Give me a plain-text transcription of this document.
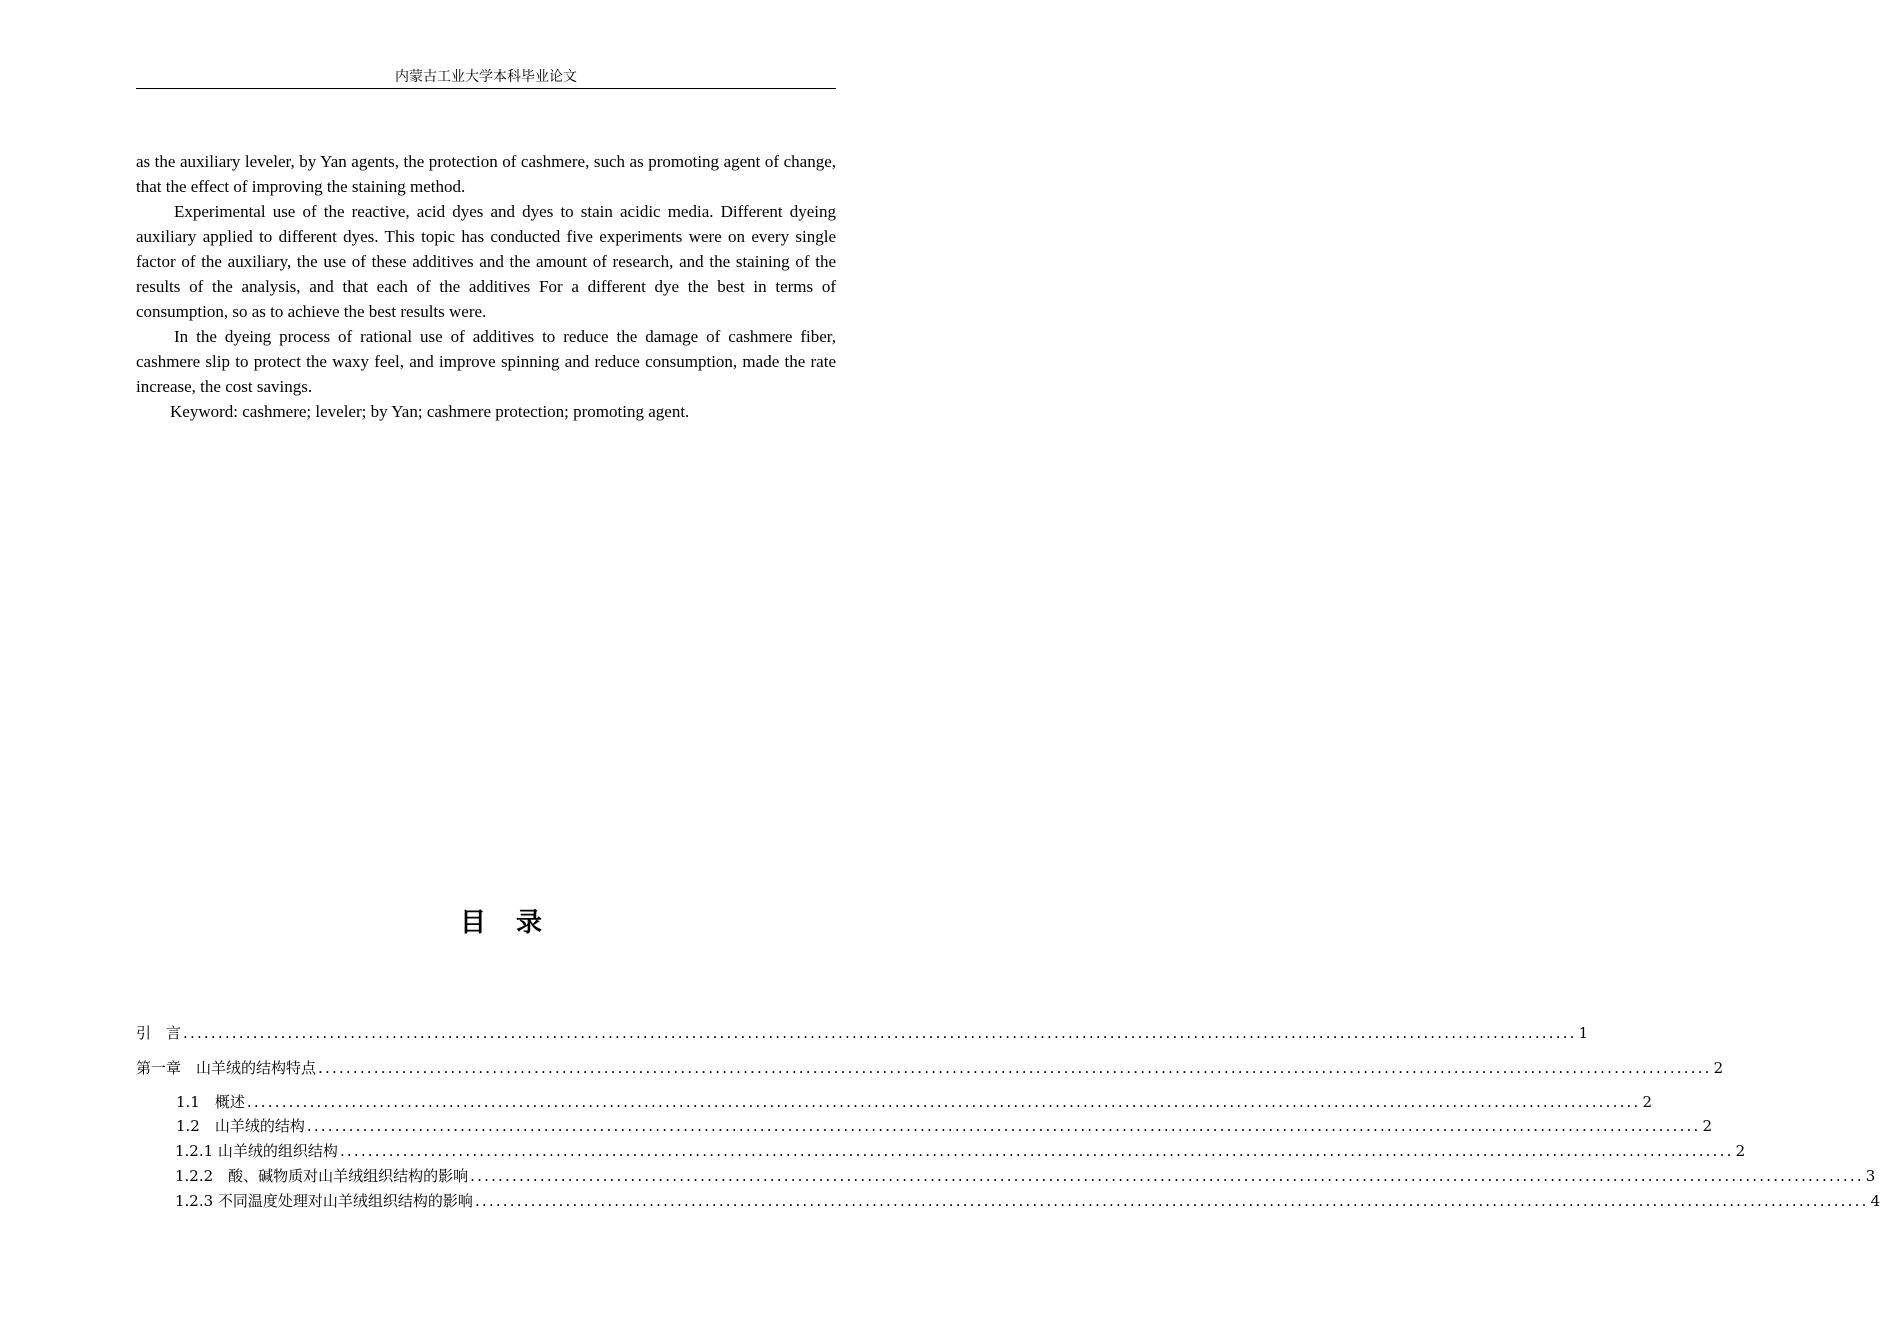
内蒙古工业大学本科毕业论文

as the auxiliary leveler, by Yan agents, the protection of cashmere, such as promoting agent of change, that the effect of improving the staining method.

Experimental use of the reactive, acid dyes and dyes to stain acidic media. Different dyeing auxiliary applied to different dyes. This topic has conducted five experiments were on every single factor of the auxiliary, the use of these additives and the amount of research, and the staining of the results of the analysis, and that each of the additives For a different dye the best in terms of consumption, so as to achieve the best results were.

In the dyeing process of rational use of additives to reduce the damage of cashmere fiber, cashmere slip to protect the waxy feel, and improve spinning and reduce consumption, made the rate increase, the cost savings.

Keyword: cashmere; leveler; by Yan; cashmere protection; promoting agent.

目录
引　言 ........................................................................................................................................................................................................ 1
第一章　山羊绒的结构特点 ........................................................................................................................................................................................................ 2
1.1　概述 ........................................................................................................................................................................................................ 2
1.2　山羊绒的结构 ........................................................................................................................................................................................................ 2
1.2.1 山羊绒的组织结构 ........................................................................................................................................................................................................ 2
1.2.2　酸、碱物质对山羊绒组织结构的影响 ........................................................................................................................................................................................................ 3
1.2.3 不同温度处理对山羊绒组织结构的影响 ........................................................................................................................................................................................................ 4
